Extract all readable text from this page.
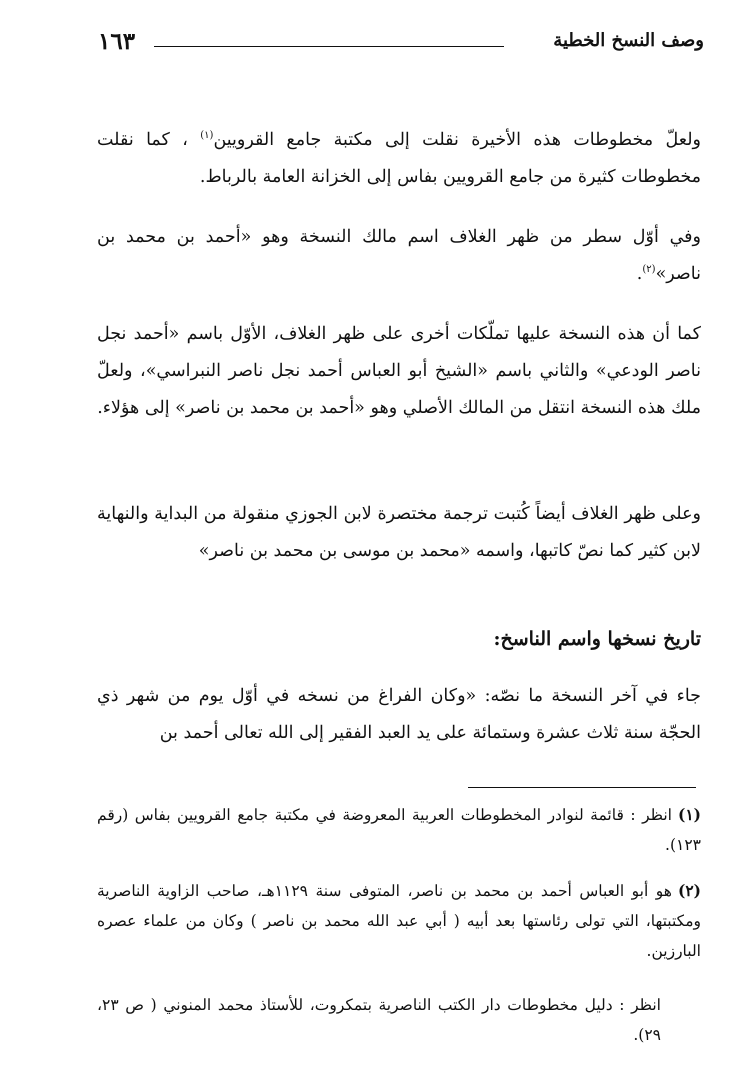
١٦٣	وصف النسخ الخطية

ولعلّ مخطوطات هذه الأخيرة نقلت إلى مكتبة جامع القرويين$^{(١)}$ ، كما نقلت مخطوطات كثيرة من جامع القرويين بفاس إلى الخزانة العامة بالرباط.

وفي أوّل سطر من ظهر الغلاف اسم مالك النسخة وهو «أحمد بن محمد بن ناصر»$^{(٢)}$.

كما أن هذه النسخة عليها تملّكات أخرى على ظهر الغلاف، الأوّل باسم «أحمد نجل ناصر الودعي» والثاني باسم «الشيخ أبو العباس أحمد نجل ناصر النبراسي»، ولعلّ ملك هذه النسخة انتقل من المالك الأصلي وهو «أحمد بن محمد بن ناصر» إلى هؤلاء.

وعلى ظهر الغلاف أيضاً كُتبت ترجمة مختصرة لابن الجوزي منقولة من البداية والنهاية لابن كثير كما نصّ كاتبها، واسمه «محمد بن موسى بن محمد بن ناصر»

تاريخ نسخها واسم الناسخ:

جاء في آخر النسخة ما نصّه: «وكان الفراغ من نسخه في أوّل يوم من شهر ذي الحجّة سنة ثلاث عشرة وستمائة على يد العبد الفقير إلى الله تعالى أحمد بن

(١)انظر : قائمة لنوادر المخطوطات العربية المعروضة في مكتبة جامع القرويين بفاس (رقم ١٢٣).

(٢)هو أبو العباس أحمد بن محمد بن ناصر، المتوفى سنة ١١٢٩هـ، صاحب الزاوية الناصرية ومكتبتها، التي تولى رئاستها بعد أبيه ( أبي عبد الله محمد بن ناصر ) وكان من علماء عصره البارزين.

انظر : دليل مخطوطات دار الكتب الناصرية بتمكروت، للأستاذ محمد المنوني ( ص ٢٣، ٢٩).
